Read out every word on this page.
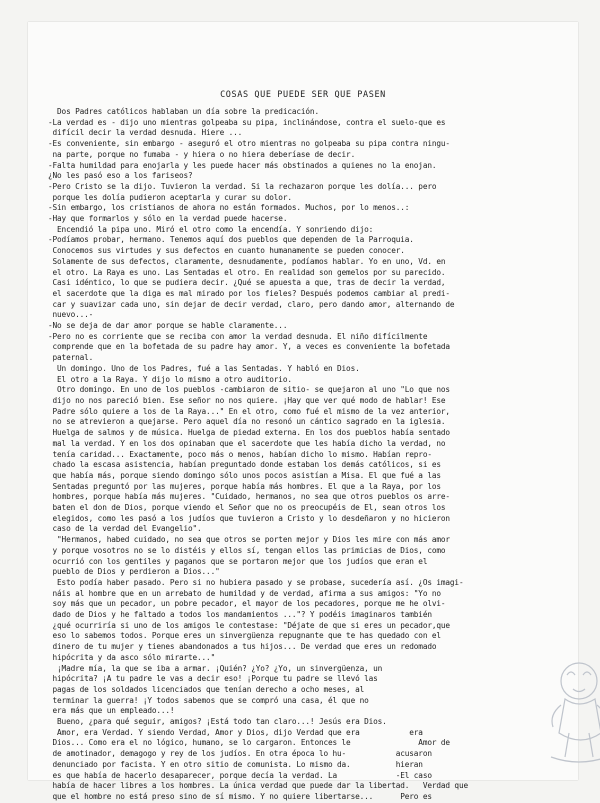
COSAS QUE PUEDE SER QUE PASEN
Dos Padres católicos hablaban un día sobre la predicación.
-La verdad es - dijo uno mientras golpeaba su pipa, inclinándose, contra el suelo-que es
difícil decir la verdad desnuda. Hiere ...
-Es conveniente, sin embargo - aseguró el otro mientras no golpeaba su pipa contra ningu-
na parte, porque no fumaba - y hiera o no hiera deberíase de decir.
-Falta humildad para enojarla y les puede hacer más obstinados a quienes no la enojan.
¿No les pasó eso a los fariseos?
-Pero Cristo se la dijo. Tuvieron la verdad. Si la rechazaron porque les dolía... pero
porque les dolía pudieron aceptarla y curar su dolor.
-Sin embargo, los cristianos de ahora no están formados. Muchos, por lo menos..:
-Hay que formarlos y sólo en la verdad puede hacerse.
Encendió la pipa uno. Miró el otro como la encendía. Y sonriendo dijo:
-Podíamos probar, hermano. Tenemos aquí dos pueblos que dependen de la Parroquia.
Conocemos sus virtudes y sus defectos en cuanto humanamente se pueden conocer.
Solamente de sus defectos, claramente, desnudamente, podíamos hablar. Yo en uno, Vd. en
el otro. La Raya es uno. Las Sentadas el otro. En realidad son gemelos por su parecido.
Casi idéntico, lo que se pudiera decir. ¿Qué se apuesta a que, tras de decir la verdad,
el sacerdote que la diga es mal mirado por los fieles? Después podemos cambiar al predi-
car y suavizar cada uno, sin dejar de decir verdad, claro, pero dando amor, alternando de
nuevo...-
-No se deja de dar amor porque se hable claramente...
-Pero no es corriente que se reciba con amor la verdad desnuda. El niño difícilmente
comprende que en la bofetada de su padre hay amor. Y, a veces es conveniente la bofetada
paternal.
Un domingo. Uno de los Padres, fué a las Sentadas. Y habló en Dios.
El otro a la Raya. Y dijo lo mismo a otro auditorio.
Otro domingo. En uno de los pueblos -cambiaron de sitio- se quejaron al uno "Lo que nos
dijo no nos pareció bien. Ese señor no nos quiere. ¡Hay que ver qué modo de hablar! Ese
Padre sólo quiere a los de la Raya..." En el otro, como fué el mismo de la vez anterior,
no se atrevieron a quejarse. Pero aquel día no resonó un cántico sagrado en la iglesia.
Huelga de salmos y de música. Huelga de piedad externa. En los dos pueblos había sentado
mal la verdad. Y en los dos opinaban que el sacerdote que les había dicho la verdad, no
tenía caridad... Exactamente, poco más o menos, habían dicho lo mismo. Habían repro-
chado la escasa asistencia, habían preguntado donde estaban los demás católicos, si es
que había más, porque siendo domingo sólo unos pocos asistían a Misa. El que fué a las
Sentadas preguntó por las mujeres, porque había más hombres. El que a la Raya, por los
hombres, porque había más mujeres. "Cuidado, hermanos, no sea que otros pueblos os arre-
baten el don de Dios, porque viendo el Señor que no os preocupéis de El, sean otros los
elegidos, como les pasó a los judíos que tuvieron a Cristo y lo desdeñaron y no hicieron
caso de la verdad del Evangelio".
"Hermanos, habed cuidado, no sea que otros se porten mejor y Dios les mire con más amor
y porque vosotros no se lo distéis y ellos sí, tengan ellos las primicias de Dios, como
ocurrió con los gentiles y paganos que se portaron mejor que los judíos que eran el
pueblo de Dios y perdieron a Dios..."
Esto podía haber pasado. Pero si no hubiera pasado y se probase, sucedería así. ¿Os imagi-
náis al hombre que en un arrebato de humildad y de verdad, afirma a sus amigos: "Yo no
soy más que un pecador, un pobre pecador, el mayor de los pecadores, porque me he olvi-
dado de Dios y he faltado a todos los mandamientos ..."? Y podéis imaginaros también
¿qué ocurriría si uno de los amigos le contestase: "Déjate de que si eres un pecador,que
eso lo sabemos todos. Porque eres un sinvergüenza repugnante que te has quedado con el
dinero de tu mujer y tienes abandonados a tus hijos... De verdad que eres un redomado
hipócrita y da asco sólo mirarte..."
¡Madre mía, la que se iba a armar. ¡Quién? ¿Yo? ¿Yo, un sinvergüenza, un
hipócrita? ¡A tu padre le vas a decir eso! ¡Porque tu padre se llevó las
pagas de los soldados licenciados que tenían derecho a ocho meses, al
terminar la guerra! ¡Y todos sabemos que se compró una casa, él que no
era más que un empleado...!
Bueno, ¿para qué seguir, amigos? ¡Está todo tan claro...! Jesús era Dios.
Amor, era Verdad. Y siendo Verdad, Amor y Dios, dijo Verdad que era           era
Dios... Como era el no lógico, humano, se lo cargaron. Entonces le               Amor de
de amotinador, demagogo y rey de los judíos. En otra época lo hu-           acusaron
denunciado por facista. Y en otro sitio de comunista. Lo mismo da.          hieran
es que había de hacerlo desaparecer, porque decía la verdad. La             -El caso
había de hacer libres a los hombres. La única verdad que puede dar la libertad.   Verdad que
que el hombre no está preso sino de sí mismo. Y no quiere libertarse...      Pero es
